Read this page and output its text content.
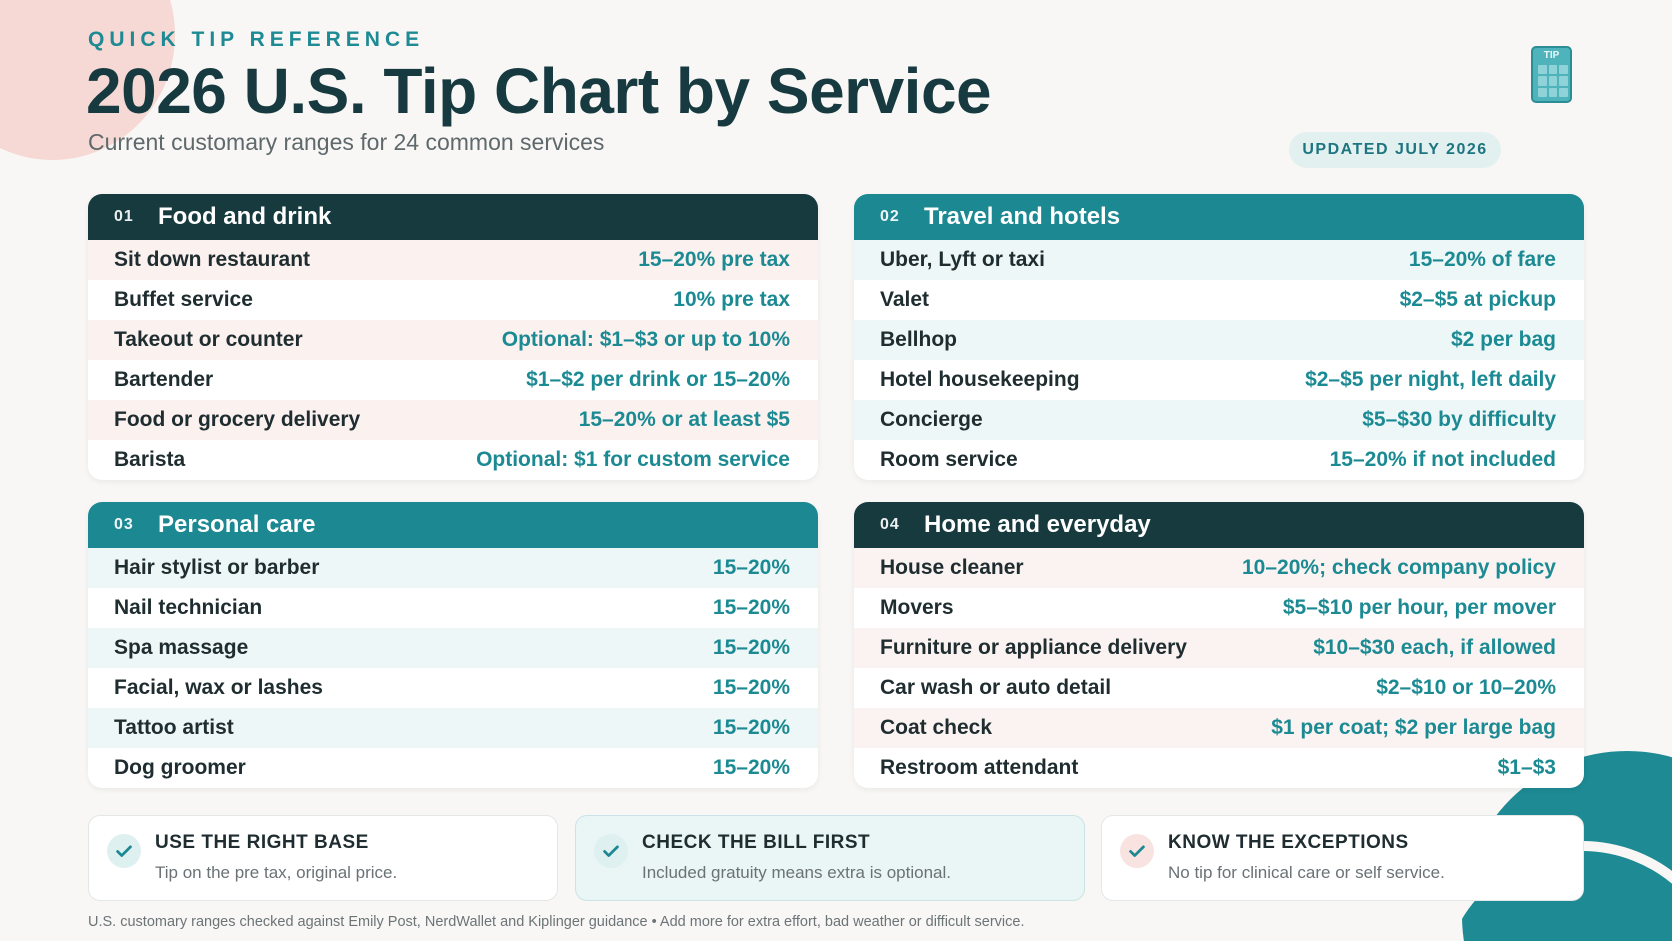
QUICK TIP REFERENCE
2026 U.S. Tip Chart by Service
Current customary ranges for 24 common services
TIP
UPDATED JULY 2026
01	Food and drink
Sit down restaurant	15–20% pre tax
Buffet service	10% pre tax
Takeout or counter	Optional: $1–$3 or up to 10%
Bartender	$1–$2 per drink or 15–20%
Food or grocery delivery	15–20% or at least $5
Barista	Optional: $1 for custom service
02	Travel and hotels
Uber, Lyft or taxi	15–20% of fare
Valet	$2–$5 at pickup
Bellhop	$2 per bag
Hotel housekeeping	$2–$5 per night, left daily
Concierge	$5–$30 by difficulty
Room service	15–20% if not included
03	Personal care
Hair stylist or barber	15–20%
Nail technician	15–20%
Spa massage	15–20%
Facial, wax or lashes	15–20%
Tattoo artist	15–20%
Dog groomer	15–20%
04	Home and everyday
House cleaner	10–20%; check company policy
Movers	$5–$10 per hour, per mover
Furniture or appliance delivery	$10–$30 each, if allowed
Car wash or auto detail	$2–$10 or 10–20%
Coat check	$1 per coat; $2 per large bag
Restroom attendant	$1–$3
USE THE RIGHT BASE
Tip on the pre tax, original price.
CHECK THE BILL FIRST
Included gratuity means extra is optional.
KNOW THE EXCEPTIONS
No tip for clinical care or self service.
U.S. customary ranges checked against Emily Post, NerdWallet and Kiplinger guidance • Add more for extra effort, bad weather or difficult service.
